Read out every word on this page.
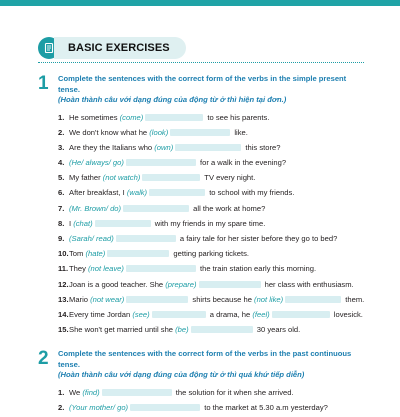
BASIC EXERCISES
1 Complete the sentences with the correct form of the verbs in the simple present tense.
(Hoàn thành câu với dạng đúng của động từ ở thì hiện tại đơn.)
1. He sometimes (come)	to see his parents.
2. We don't know what he (look)	like.
3. Are they the Italians who (own)	this store?
4. (He/ always/ go)	for a walk in the evening?
5. My father (not watch)	TV every night.
6. After breakfast, I (walk)	to school with my friends.
7. (Mr. Brown/ do)	all the work at home?
8. I (chat)	with my friends in my spare time.
9. (Sarah/ read)	a fairy tale for her sister before they go to bed?
10. Tom (hate)	getting parking tickets.
11. They (not leave)	the train station early this morning.
12. Joan is a good teacher. She (prepare)	her class with enthusiasm.
13. Mario (not wear)	shirts because he (not like)	them.
14. Every time Jordan (see)	a drama, he (feel)	lovesick.
15. She won't get married until she (be)	30 years old.
2 Complete the sentences with the correct form of the verbs in the past continuous tense.
(Hoàn thành câu với dạng đúng của động từ ở thì quá khứ tiếp diễn)
1. We (find)	the solution for it when she arrived.
2. (Your mother/ go)	to the market at 5.30 a.m yesterday?
